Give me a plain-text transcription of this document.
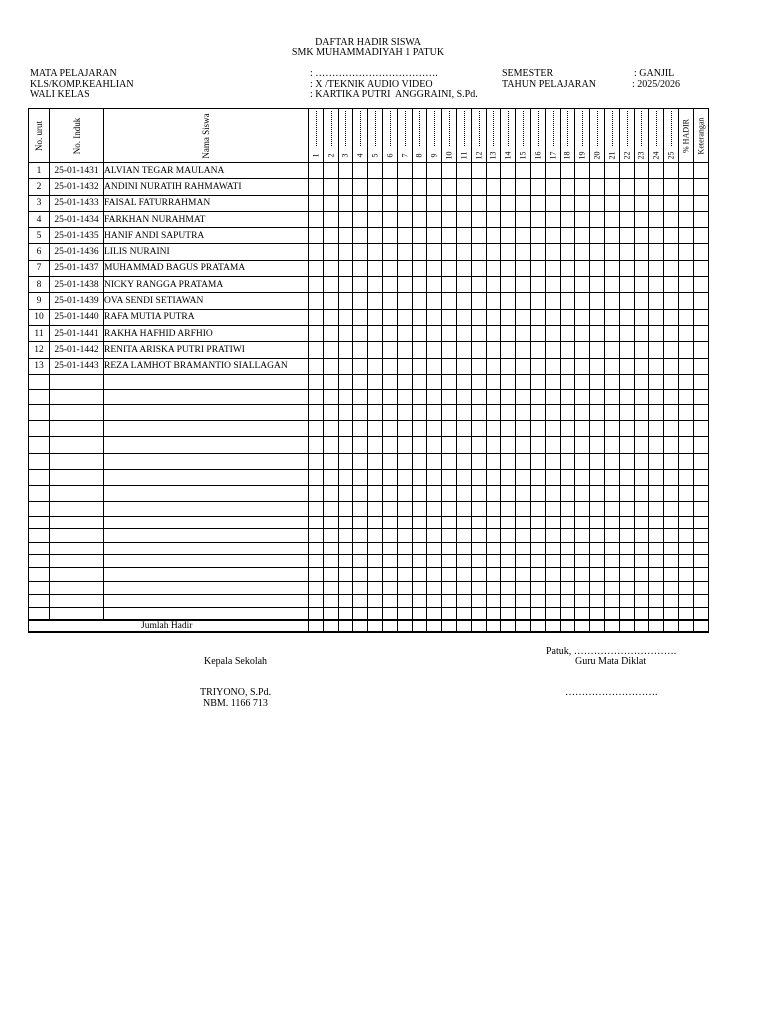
DAFTAR HADIR SISWA
SMK MUHAMMADIYAH 1 PATUK
MATA PELAJARAN	: ……………………………….
KLS/KOMP.KEAHLIAN	: X /TEKNIK AUDIO VIDEO
WALI KELAS	: KARTIKA PUTRI  ANGGRAINI, S.Pd.
SEMESTER	: GANJIL
TAHUN PELAJARAN	: 2025/2026
No. urut	No. Induk	Nama Siswa	1	2	3	4	5	6	7	8	9	10	11	12	13	14	15	16	17	18	19	20	21	22	23	24	25	% HADIR	Keterangan

1	25-01-1431	ALVIAN TEGAR MAULANA																											
2	25-01-1432	ANDINI NURATIH RAHMAWATI																											
3	25-01-1433	FAISAL FATURRAHMAN																											
4	25-01-1434	FARKHAN NURAHMAT																											
5	25-01-1435	HANIF ANDI SAPUTRA																											
6	25-01-1436	LILIS NURAINI																											
7	25-01-1437	MUHAMMAD BAGUS PRATAMA																											
8	25-01-1438	NICKY RANGGA PRATAMA																											
9	25-01-1439	OVA SENDI SETIAWAN																											
10	25-01-1440	RAFA MUTIA PUTRA																											
11	25-01-1441	RAKHA HAFHID ARFHIO																											
12	25-01-1442	RENITA ARISKA PUTRI PRATIWI																											
13	25-01-1443	REZA LAMHOT BRAMANTIO SIALLAGAN																											

Jumlah Hadir																													
Patuk, ………………………….
Kepala Sekolah	Guru Mata Diklat
TRIYONO, S.Pd.
NBM. 1166 713
……………………….
